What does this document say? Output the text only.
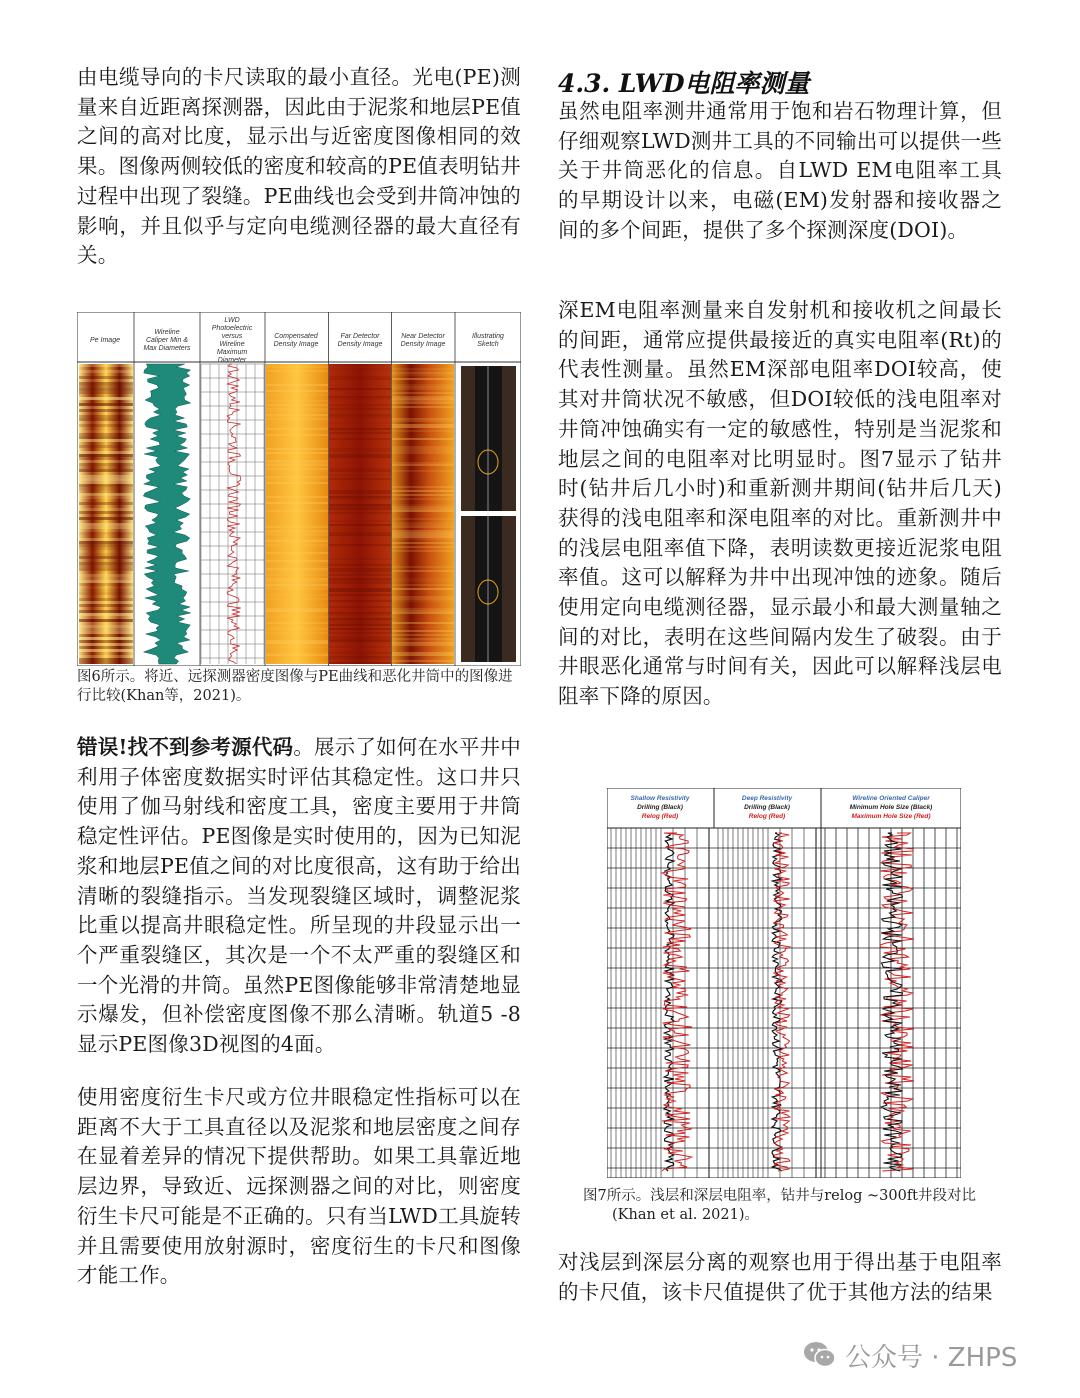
由电缆导向的卡尺读取的最小直径。光电(PE)测量来自近距离探测器，因此由于泥浆和地层PE值之间的高对比度，显示出与近密度图像相同的效果。图像两侧较低的密度和较高的PE值表明钻井过程中出现了裂缝。PE曲线也会受到井筒冲蚀的影响，并且似乎与定向电缆测径器的最大直径有关。

Pe Image
Wireline Caliper Min & Max Diameters
LWD Photoelectric versus Wireline Maximum Diameter
Compensated Density Image
Far Detector Density Image
Near Detector Density Image
Illustrating Sketch

图6所示。将近、远探测器密度图像与PE曲线和恶化井筒中的图像进行比较(Khan等，2021)。

错误!找不到参考源代码。展示了如何在水平井中利用子体密度数据实时评估其稳定性。这口井只使用了伽马射线和密度工具，密度主要用于井筒稳定性评估。PE图像是实时使用的，因为已知泥浆和地层PE值之间的对比度很高，这有助于给出清晰的裂缝指示。当发现裂缝区域时，调整泥浆比重以提高井眼稳定性。所呈现的井段显示出一个严重裂缝区，其次是一个不太严重的裂缝区和一个光滑的井筒。虽然PE图像能够非常清楚地显示爆发，但补偿密度图像不那么清晰。轨道5 -8显示PE图像3D视图的4面。

使用密度衍生卡尺或方位井眼稳定性指标可以在距离不大于工具直径以及泥浆和地层密度之间存在显着差异的情况下提供帮助。如果工具靠近地层边界，导致近、远探测器之间的对比，则密度衍生卡尺可能是不正确的。只有当LWD工具旋转并且需要使用放射源时，密度衍生的卡尺和图像才能工作。

4.3. LWD电阻率测量

虽然电阻率测井通常用于饱和岩石物理计算，但仔细观察LWD测井工具的不同输出可以提供一些关于井筒恶化的信息。自LWD EM电阻率工具的早期设计以来，电磁(EM)发射器和接收器之间的多个间距，提供了多个探测深度(DOI)。

深EM电阻率测量来自发射机和接收机之间最长的间距，通常应提供最接近的真实电阻率(Rt)的代表性测量。虽然EM深部电阻率DOI较高，使其对井筒状况不敏感，但DOI较低的浅电阻率对井筒冲蚀确实有一定的敏感性，特别是当泥浆和地层之间的电阻率对比明显时。图7显示了钻井时(钻井后几小时)和重新测井期间(钻井后几天)获得的浅电阻率和深电阻率的对比。重新测井中的浅层电阻率值下降，表明读数更接近泥浆电阻率值。这可以解释为井中出现冲蚀的迹象。随后使用定向电缆测径器，显示最小和最大测量轴之间的对比，表明在这些间隔内发生了破裂。由于井眼恶化通常与时间有关，因此可以解释浅层电阻率下降的原因。

Shallow Resistivity
Drilling (Black)
Relog (Red)
Deep Resistivity
Drilling (Black)
Relog (Red)
Wireline Oriented Caliper
Minimum Hole Size (Black)
Maximum Hole Size (Red)

图7所示。浅层和深层电阻率，钻井与relog ~300ft井段对比

(Khan et al. 2021)。

对浅层到深层分离的观察也用于得出基于电阻率的卡尺值，该卡尺值提供了优于其他方法的结果

公众号 · ZHPS
